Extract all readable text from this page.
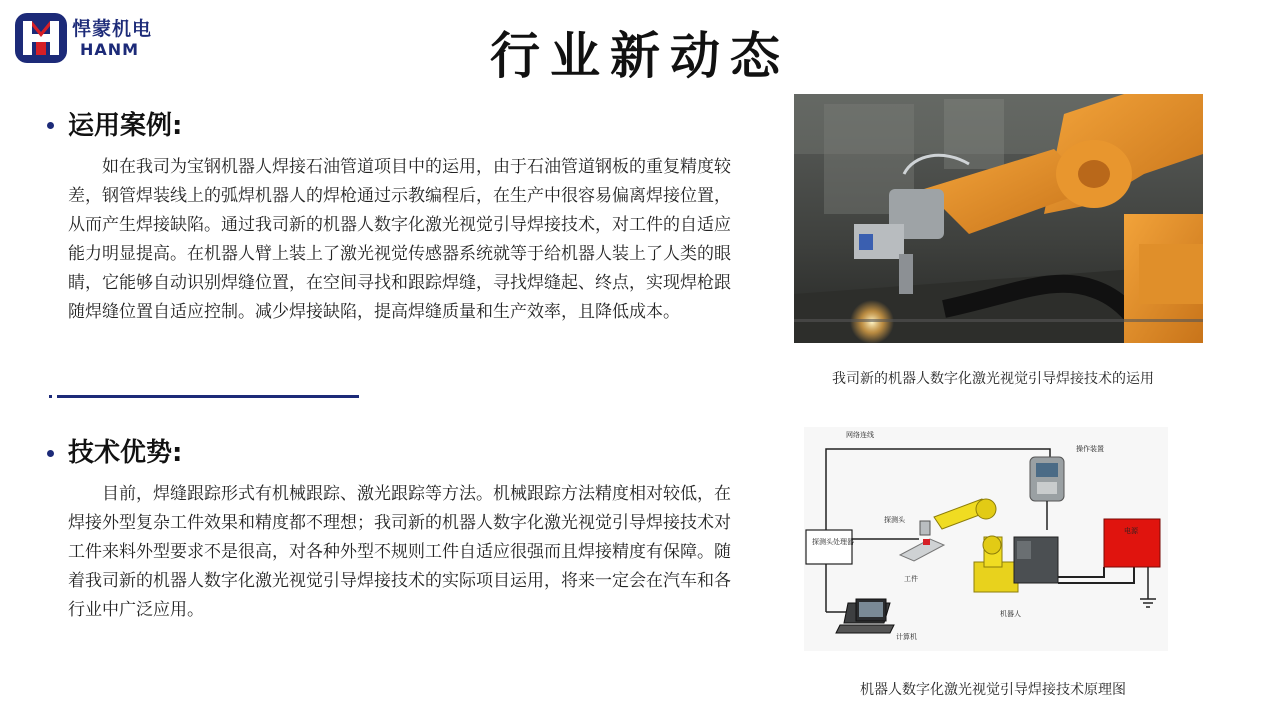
悍蒙机电
HANM	行业新动态
运用案例:
如在我司为宝钢机器人焊接石油管道项目中的运用，由于石油管道钢板的重复精度较差，钢管焊装线上的弧焊机器人的焊枪通过示教编程后，在生产中很容易偏离焊接位置，从而产生焊接缺陷。通过我司新的机器人数字化激光视觉引导焊接技术，对工件的自适应能力明显提高。在机器人臂上装上了激光视觉传感器系统就等于给机器人装上了人类的眼睛，它能够自动识别焊缝位置，在空间寻找和跟踪焊缝，寻找焊缝起、终点，实现焊枪跟随焊缝位置自适应控制。减少焊接缺陷，提高焊缝质量和生产效率，且降低成本。
技术优势:
目前，焊缝跟踪形式有机械跟踪、激光跟踪等方法。机械跟踪方法精度相对较低，在焊接外型复杂工件效果和精度都不理想；我司新的机器人数字化激光视觉引导焊接技术对工件来料外型要求不是很高，对各种外型不规则工件自适应很强而且焊接精度有保障。随着我司新的机器人数字化激光视觉引导焊接技术的实际项目运用，将来一定会在汽车和各行业中广泛应用。
我司新的机器人数字化激光视觉引导焊接技术的运用
网络连线
操作装置
探测头处理器
探测头
工件
机器人
电源
计算机
机器人数字化激光视觉引导焊接技术原理图
